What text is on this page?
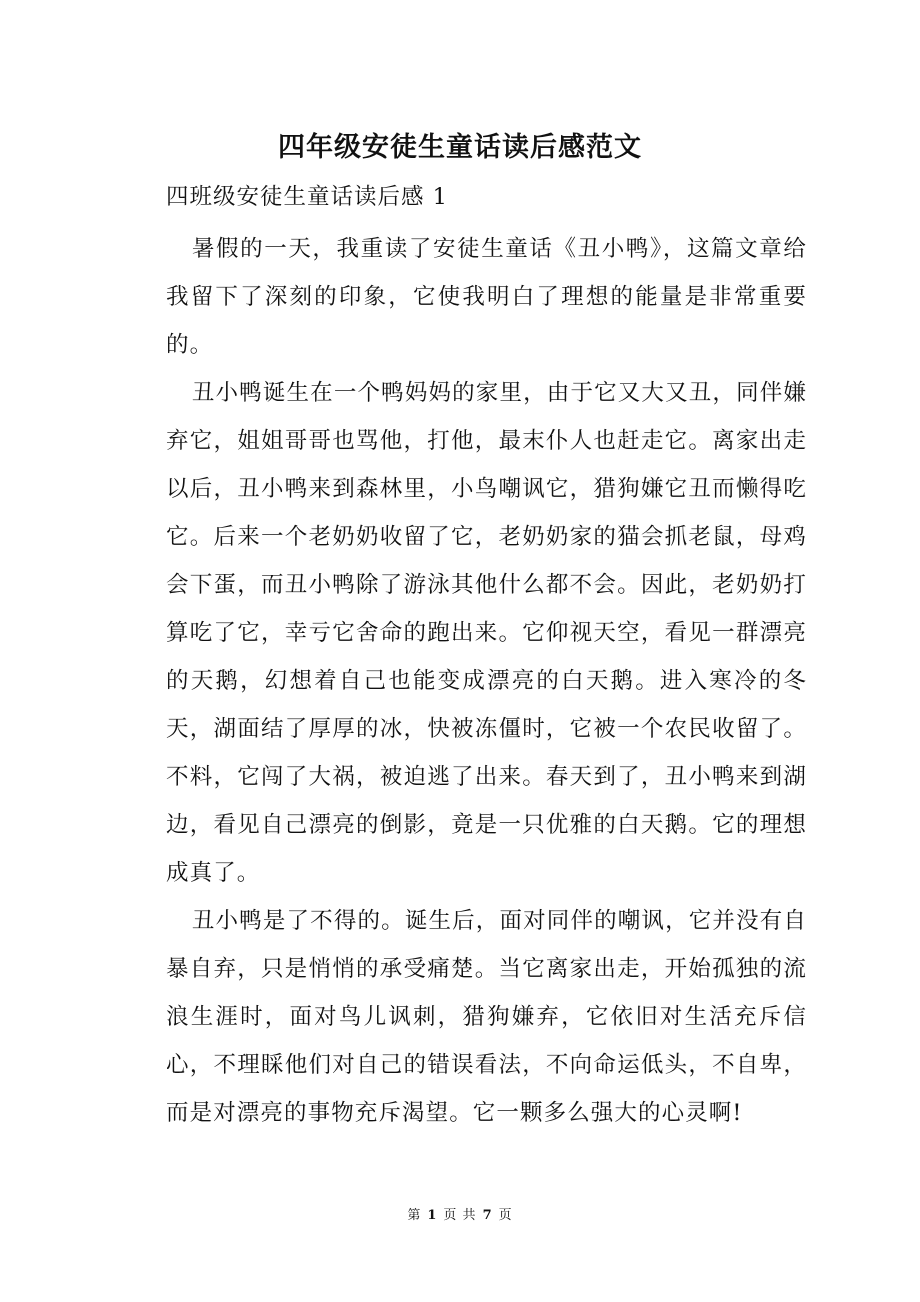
四年级安徒生童话读后感范文
四班级安徒生童话读后感 1

暑假的一天，我重读了安徒生童话《丑小鸭》，这篇文章给我留下了深刻的印象，它使我明白了理想的能量是非常重要的。

丑小鸭诞生在一个鸭妈妈的家里，由于它又大又丑，同伴嫌弃它，姐姐哥哥也骂他，打他，最末仆人也赶走它。离家出走以后，丑小鸭来到森林里，小鸟嘲讽它，猎狗嫌它丑而懒得吃它。后来一个老奶奶收留了它，老奶奶家的猫会抓老鼠，母鸡会下蛋，而丑小鸭除了游泳其他什么都不会。因此，老奶奶打算吃了它，幸亏它舍命的跑出来。它仰视天空，看见一群漂亮的天鹅，幻想着自己也能变成漂亮的白天鹅。进入寒冷的冬天，湖面结了厚厚的冰，快被冻僵时，它被一个农民收留了。不料，它闯了大祸，被迫逃了出来。春天到了，丑小鸭来到湖边，看见自己漂亮的倒影，竟是一只优雅的白天鹅。它的理想成真了。

丑小鸭是了不得的。诞生后，面对同伴的嘲讽，它并没有自暴自弃，只是悄悄的承受痛楚。当它离家出走，开始孤独的流浪生涯时，面对鸟儿讽刺，猎狗嫌弃，它依旧对生活充斥信心，不理睬他们对自己的错误看法，不向命运低头，不自卑，而是对漂亮的事物充斥渴望。它一颗多么强大的心灵啊!

第 1 页 共 7 页
